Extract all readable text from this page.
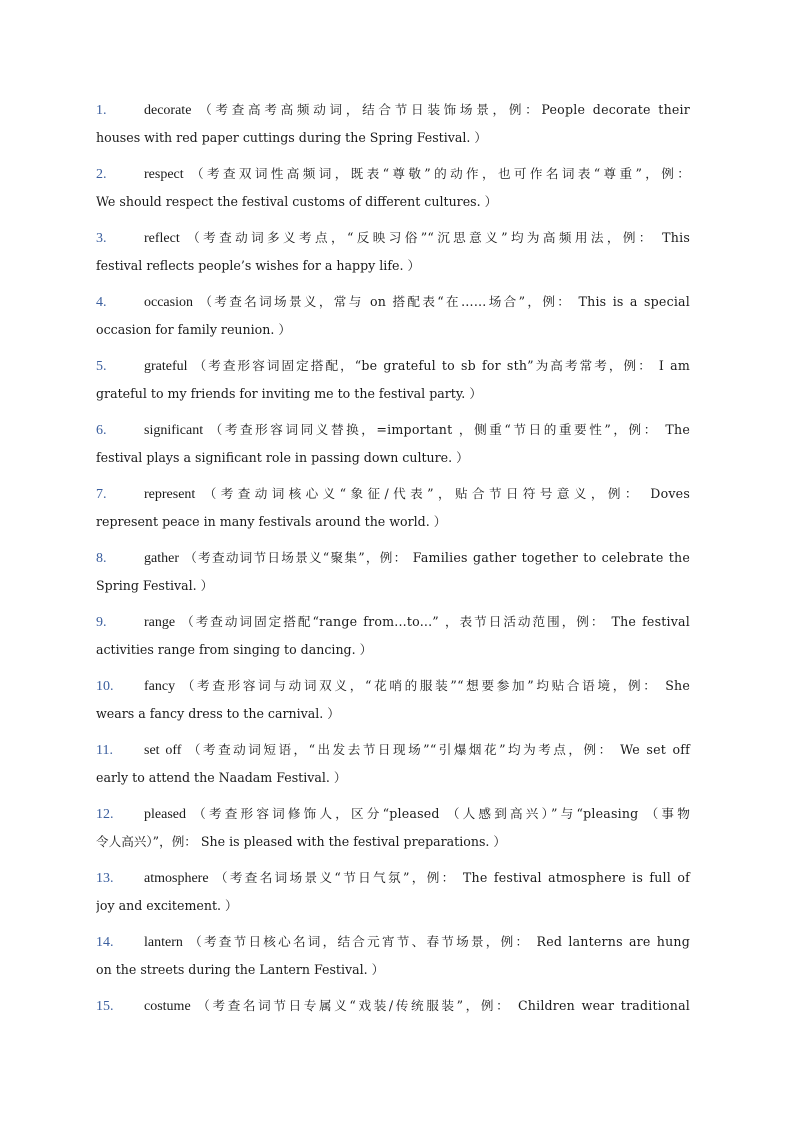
1.	decorate （考查高考高频动词，结合节日装饰场景，例：People decorate their
houses with red paper cuttings during the Spring Festival. ）
2.	respect （考查双词性高频词，既表“尊敬”的动作，也可作名词表“尊重”，例：
We should respect the festival customs of different cultures. ）
3.	reflect （考查动词多义考点，“反映习俗”“沉思意义”均为高频用法，例： This
festival reflects people’s wishes for a happy life. ）
4.	occasion （考查名词场景义，常与 on 搭配表“在……场合”，例： This is a special
occasion for family reunion. ）
5.	grateful （考查形容词固定搭配，“be grateful to sb for sth”为高考常考，例： I am
grateful to my friends for inviting me to the festival party. ）
6.	significant （考查形容词同义替换，=important ，侧重“节日的重要性”，例： The
festival plays a significant role in passing down culture. ）
7.	represent （考查动词核心义“象征/代表”，贴合节日符号意义，例： Doves
represent peace in many festivals around the world. ）
8.	gather （考查动词节日场景义“聚集”，例： Families gather together to celebrate the
Spring Festival. ）
9.	range （考查动词固定搭配“range from...to...” ，表节日活动范围，例： The festival
activities range from singing to dancing. ）
10. fancy （考查形容词与动词双义，“花哨的服装”“想要参加”均贴合语境，例： She
wears a fancy dress to the carnival. ）
11. set off （考查动词短语，“出发去节日现场”“引爆烟花”均为考点，例： We set off
early to attend the Naadam Festival. ）
12. pleased （考查形容词修饰人，区分“pleased （人感到高兴）”与“pleasing （事物
令人高兴）”，例： She is pleased with the festival preparations. ）
13. atmosphere （考查名词场景义“节日气氛”，例： The festival atmosphere is full of
joy and excitement. ）
14. lantern （考查节日核心名词，结合元宵节、春节场景，例： Red lanterns are hung
on the streets during the Lantern Festival. ）
15. costume （考查名词节日专属义“戏装/传统服装”，例： Children wear traditional
